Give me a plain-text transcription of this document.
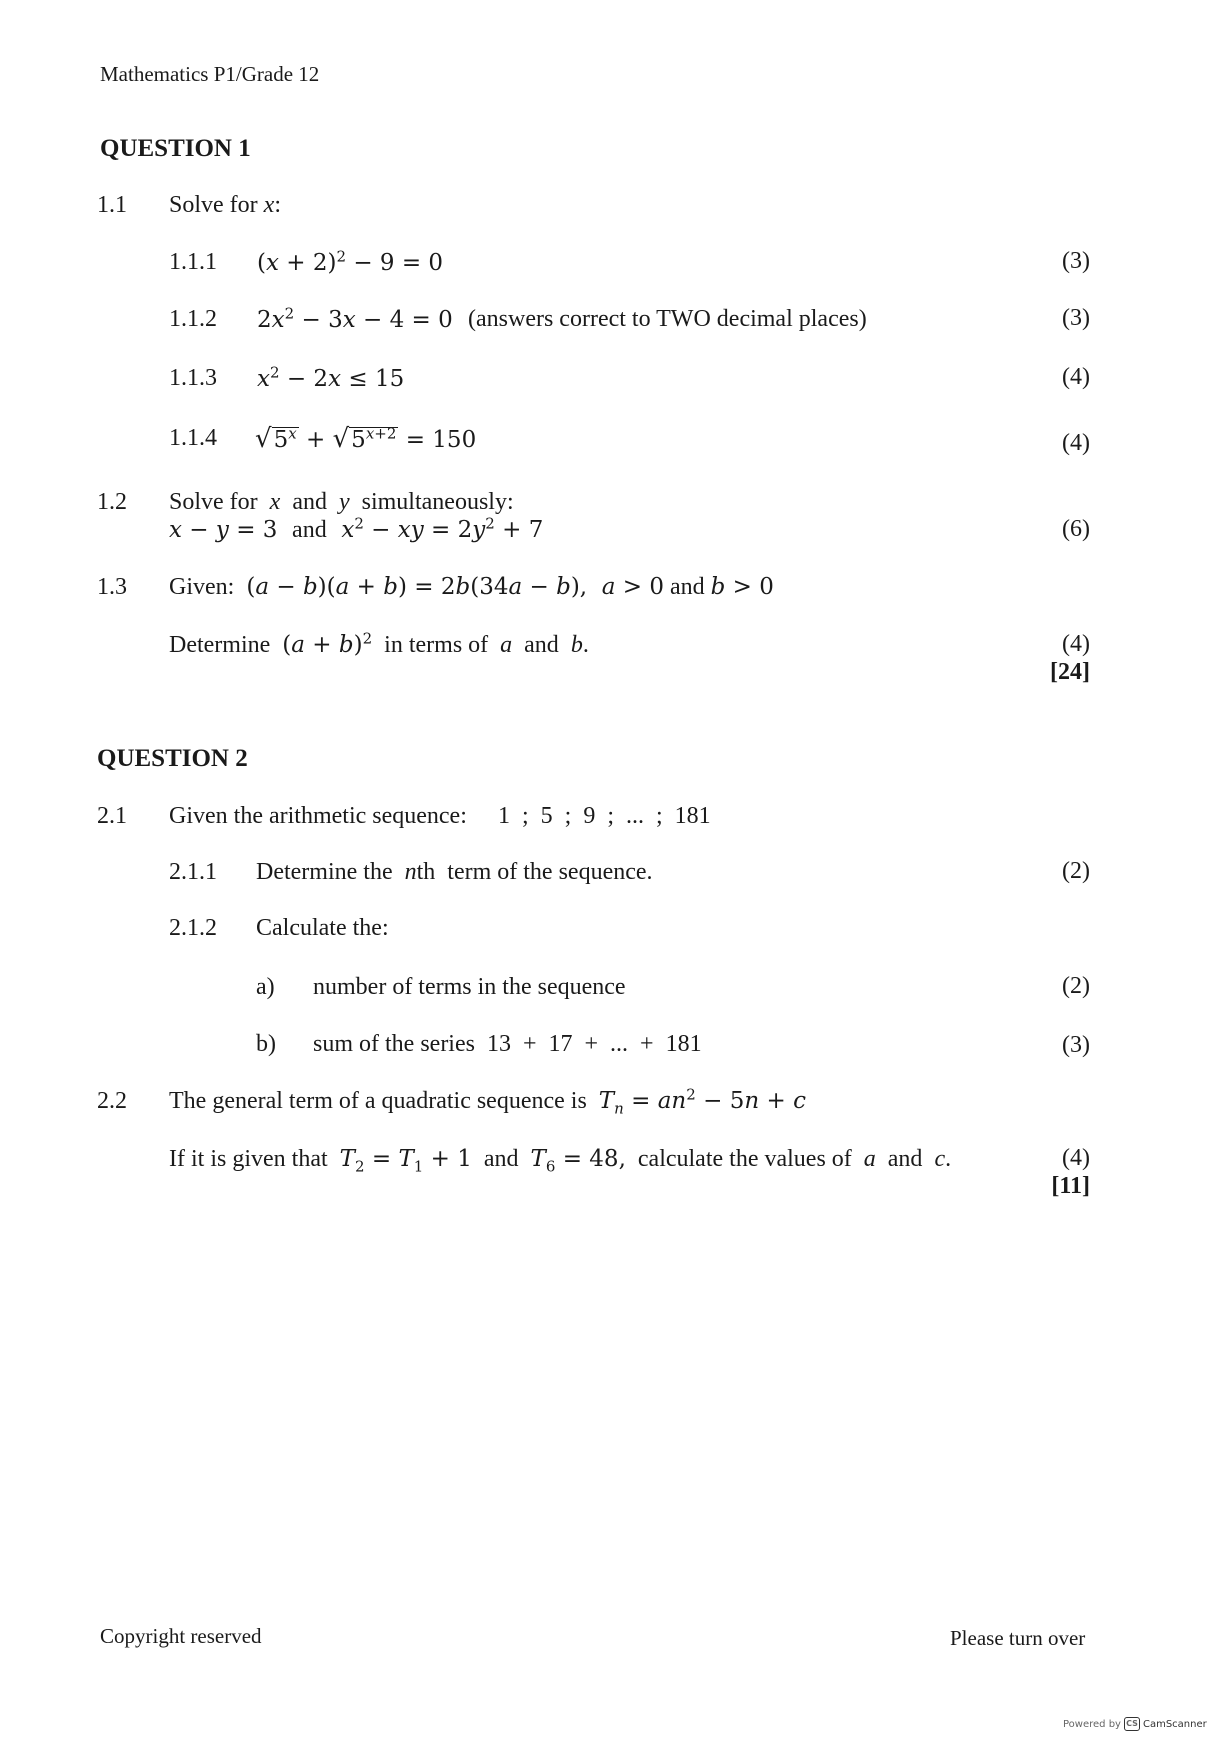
Mathematics P1/Grade 12
QUESTION 1
1.1 Solve for x:
1.1.1 $(x + 2)^2 - 9 = 0$	(3)
1.1.2 $2x^2 - 3x - 4 = 0$ (answers correct to TWO decimal places)	(3)
1.1.3 $x^2 - 2x \le 15$	(4)
1.1.4 $√5^x + √5^{x+2} = 150$	(4)
1.2 Solve for x and y simultaneously:
x − y = 3  and $x^2$ − xy = $2y^2 + 7$	(6)
1.3 Given: (a − b)(a + b) = 2b(34a − b),  a > 0 and b > 0
Determine $(a + b)^2$ in terms of a and b.	(4)
[24]
QUESTION 2
2.1 Given the arithmetic sequence: 1  ;  5  ;  9  ;  ...  ;  181
2.1.1 Determine the nth  term of the sequence.	(2)
2.1.2 Calculate the:
a) number of terms in the sequence	(2)
b) sum of the series  13  +  17  +  ...  +  181	(3)
2.2 The general term of a quadratic sequence is $T_n = an^2 - 5n + c$
If it is given that $T_2 = T_1 + 1$ and $T_6 = 48$, calculate the values of a and c.	(4)
[11]
Copyright reserved	Please turn over
Powered by CS CamScanner
